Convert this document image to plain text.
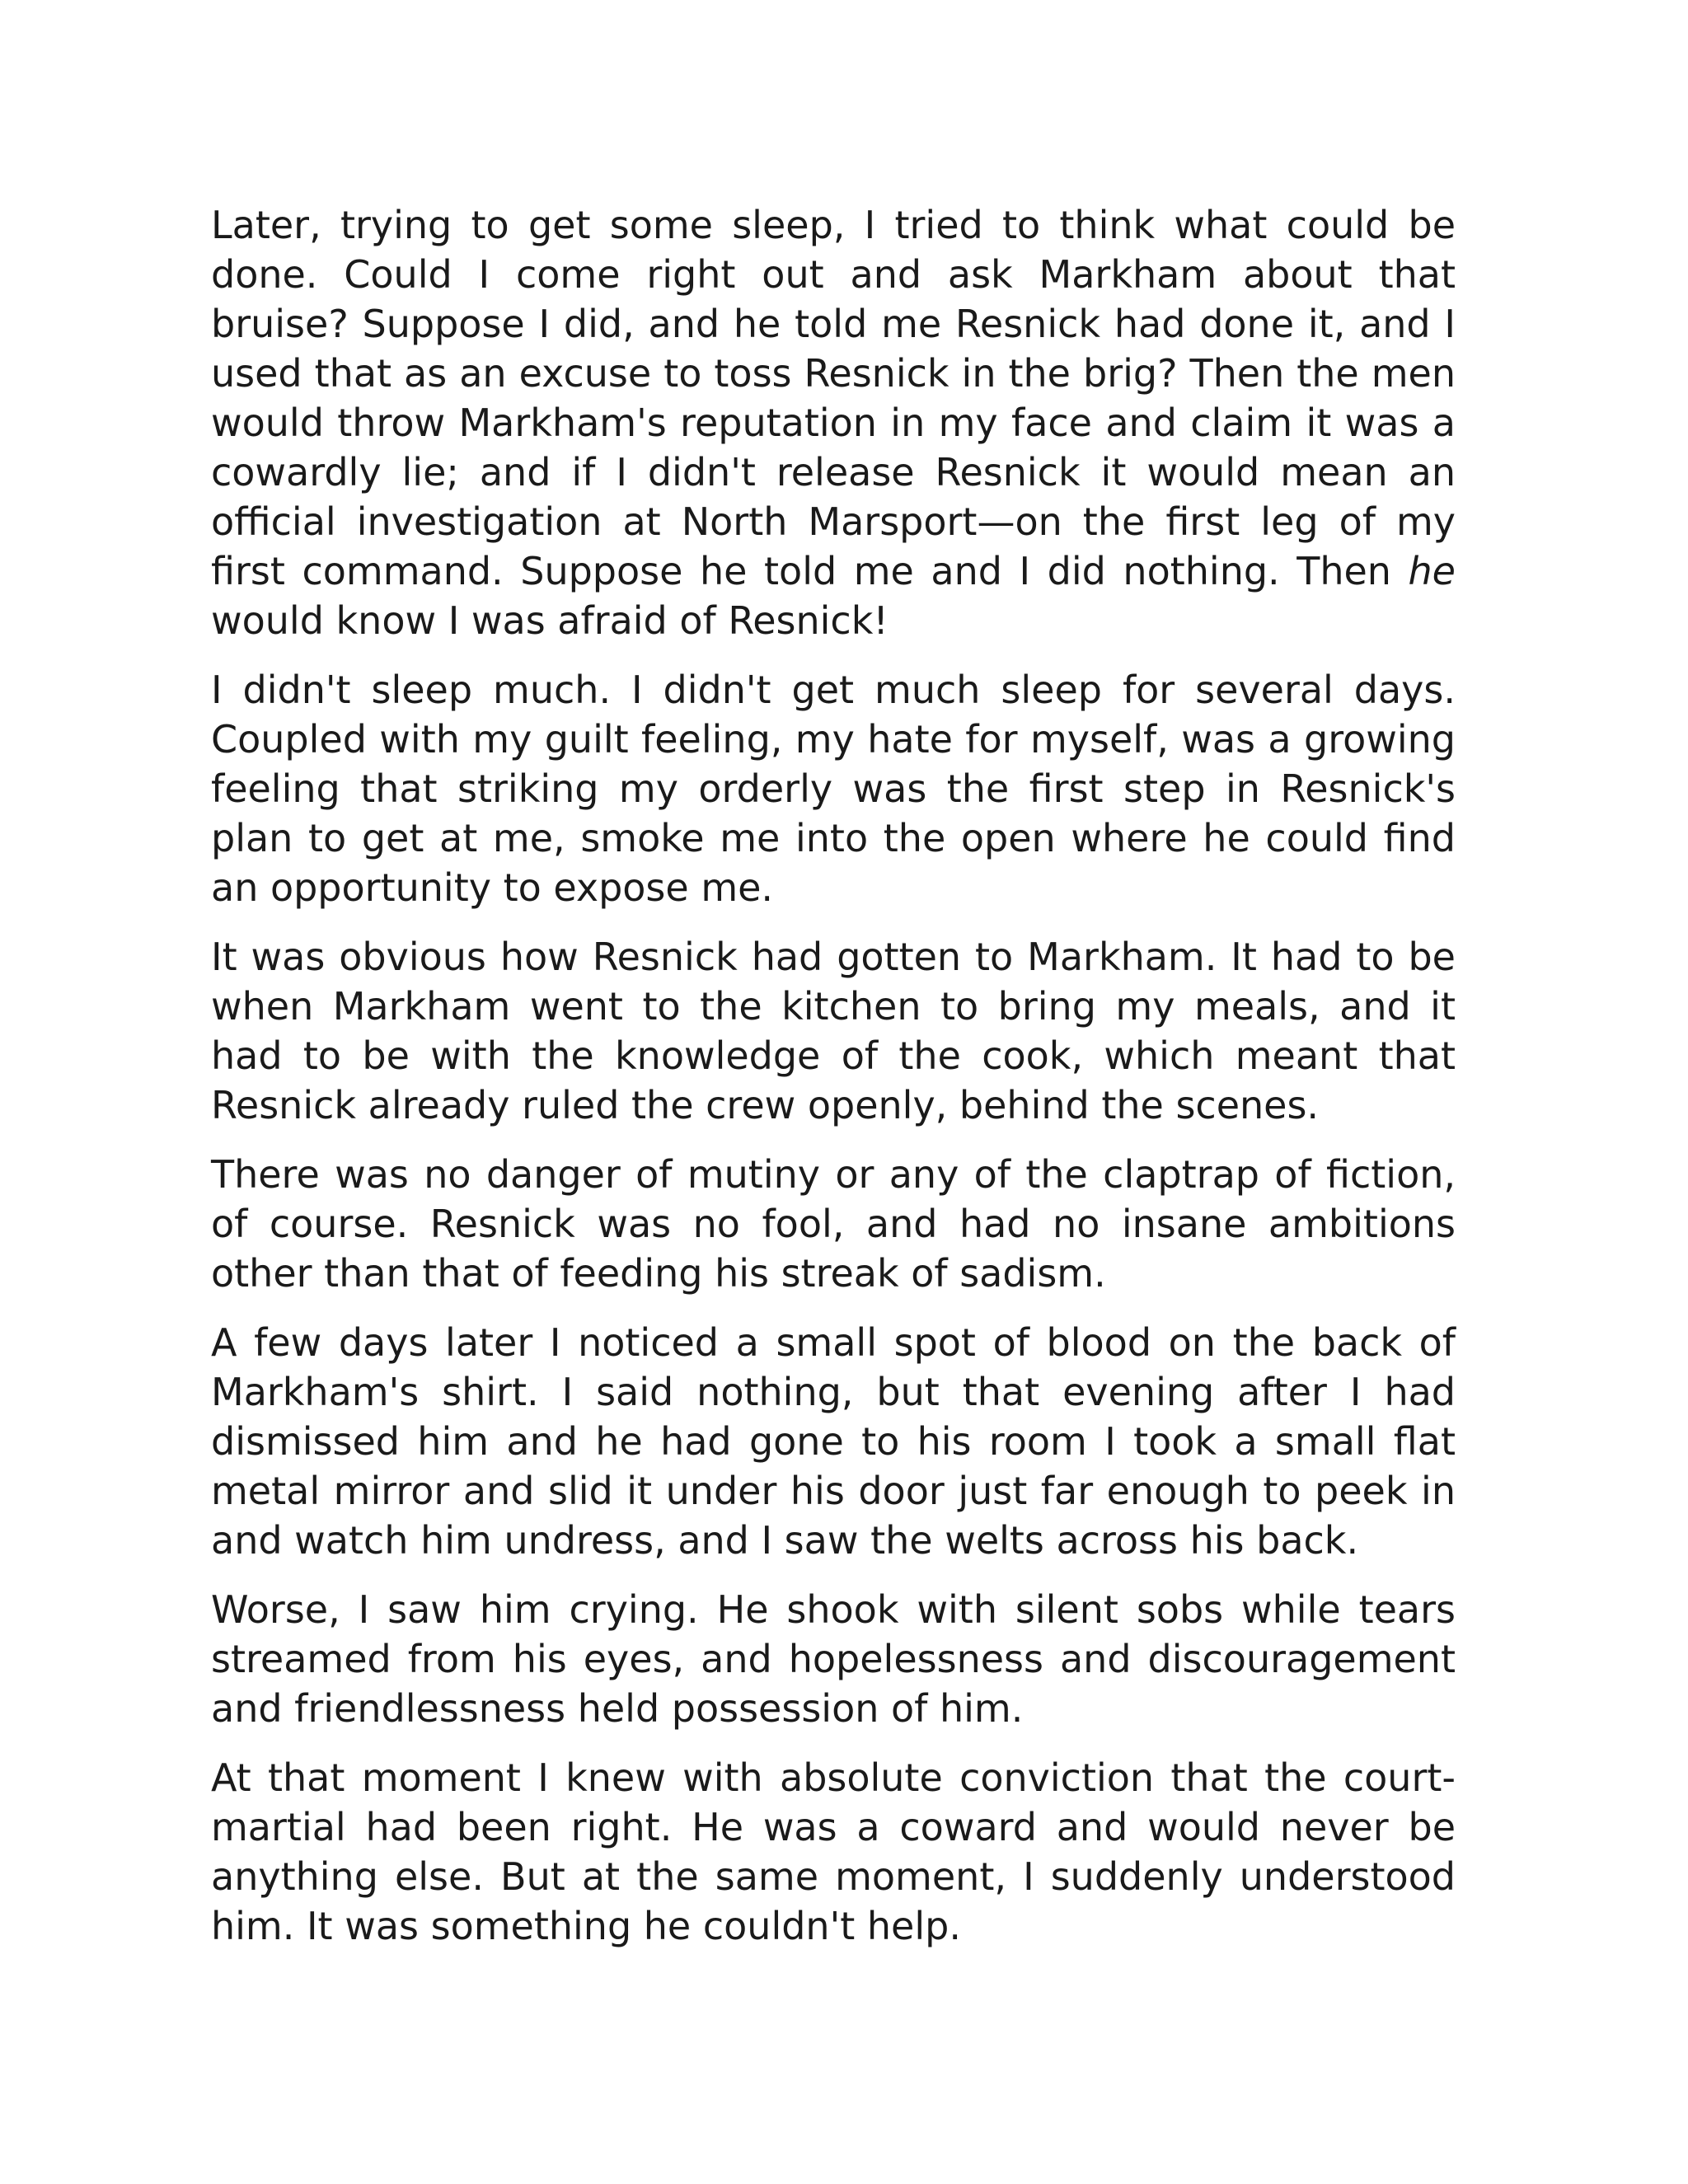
Later, trying to get some sleep, I tried to think what could be done. Could I come right out and ask Markham about that bruise? Suppose I did, and he told me Resnick had done it, and I used that as an excuse to toss Resnick in the brig? Then the men would throw Markham's reputation in my face and claim it was a cowardly lie; and if I didn't release Resnick it would mean an official investigation at North Marsport—on the first leg of my first command. Suppose he told me and I did nothing. Then he would know I was afraid of Resnick!

I didn't sleep much. I didn't get much sleep for several days. Coupled with my guilt feeling, my hate for myself, was a growing feeling that striking my orderly was the first step in Resnick's plan to get at me, smoke me into the open where he could find an opportunity to expose me.

It was obvious how Resnick had gotten to Markham. It had to be when Markham went to the kitchen to bring my meals, and it had to be with the knowledge of the cook, which meant that Resnick already ruled the crew openly, behind the scenes.

There was no danger of mutiny or any of the claptrap of fiction, of course. Resnick was no fool, and had no insane ambitions other than that of feeding his streak of sadism.

A few days later I noticed a small spot of blood on the back of Markham's shirt. I said nothing, but that evening after I had dismissed him and he had gone to his room I took a small flat metal mirror and slid it under his door just far enough to peek in and watch him undress, and I saw the welts across his back.

Worse, I saw him crying. He shook with silent sobs while tears streamed from his eyes, and hopelessness and discouragement and friendlessness held possession of him.

At that moment I knew with absolute conviction that the court-martial had been right. He was a coward and would never be anything else. But at the same moment, I suddenly understood him. It was something he couldn't help.
